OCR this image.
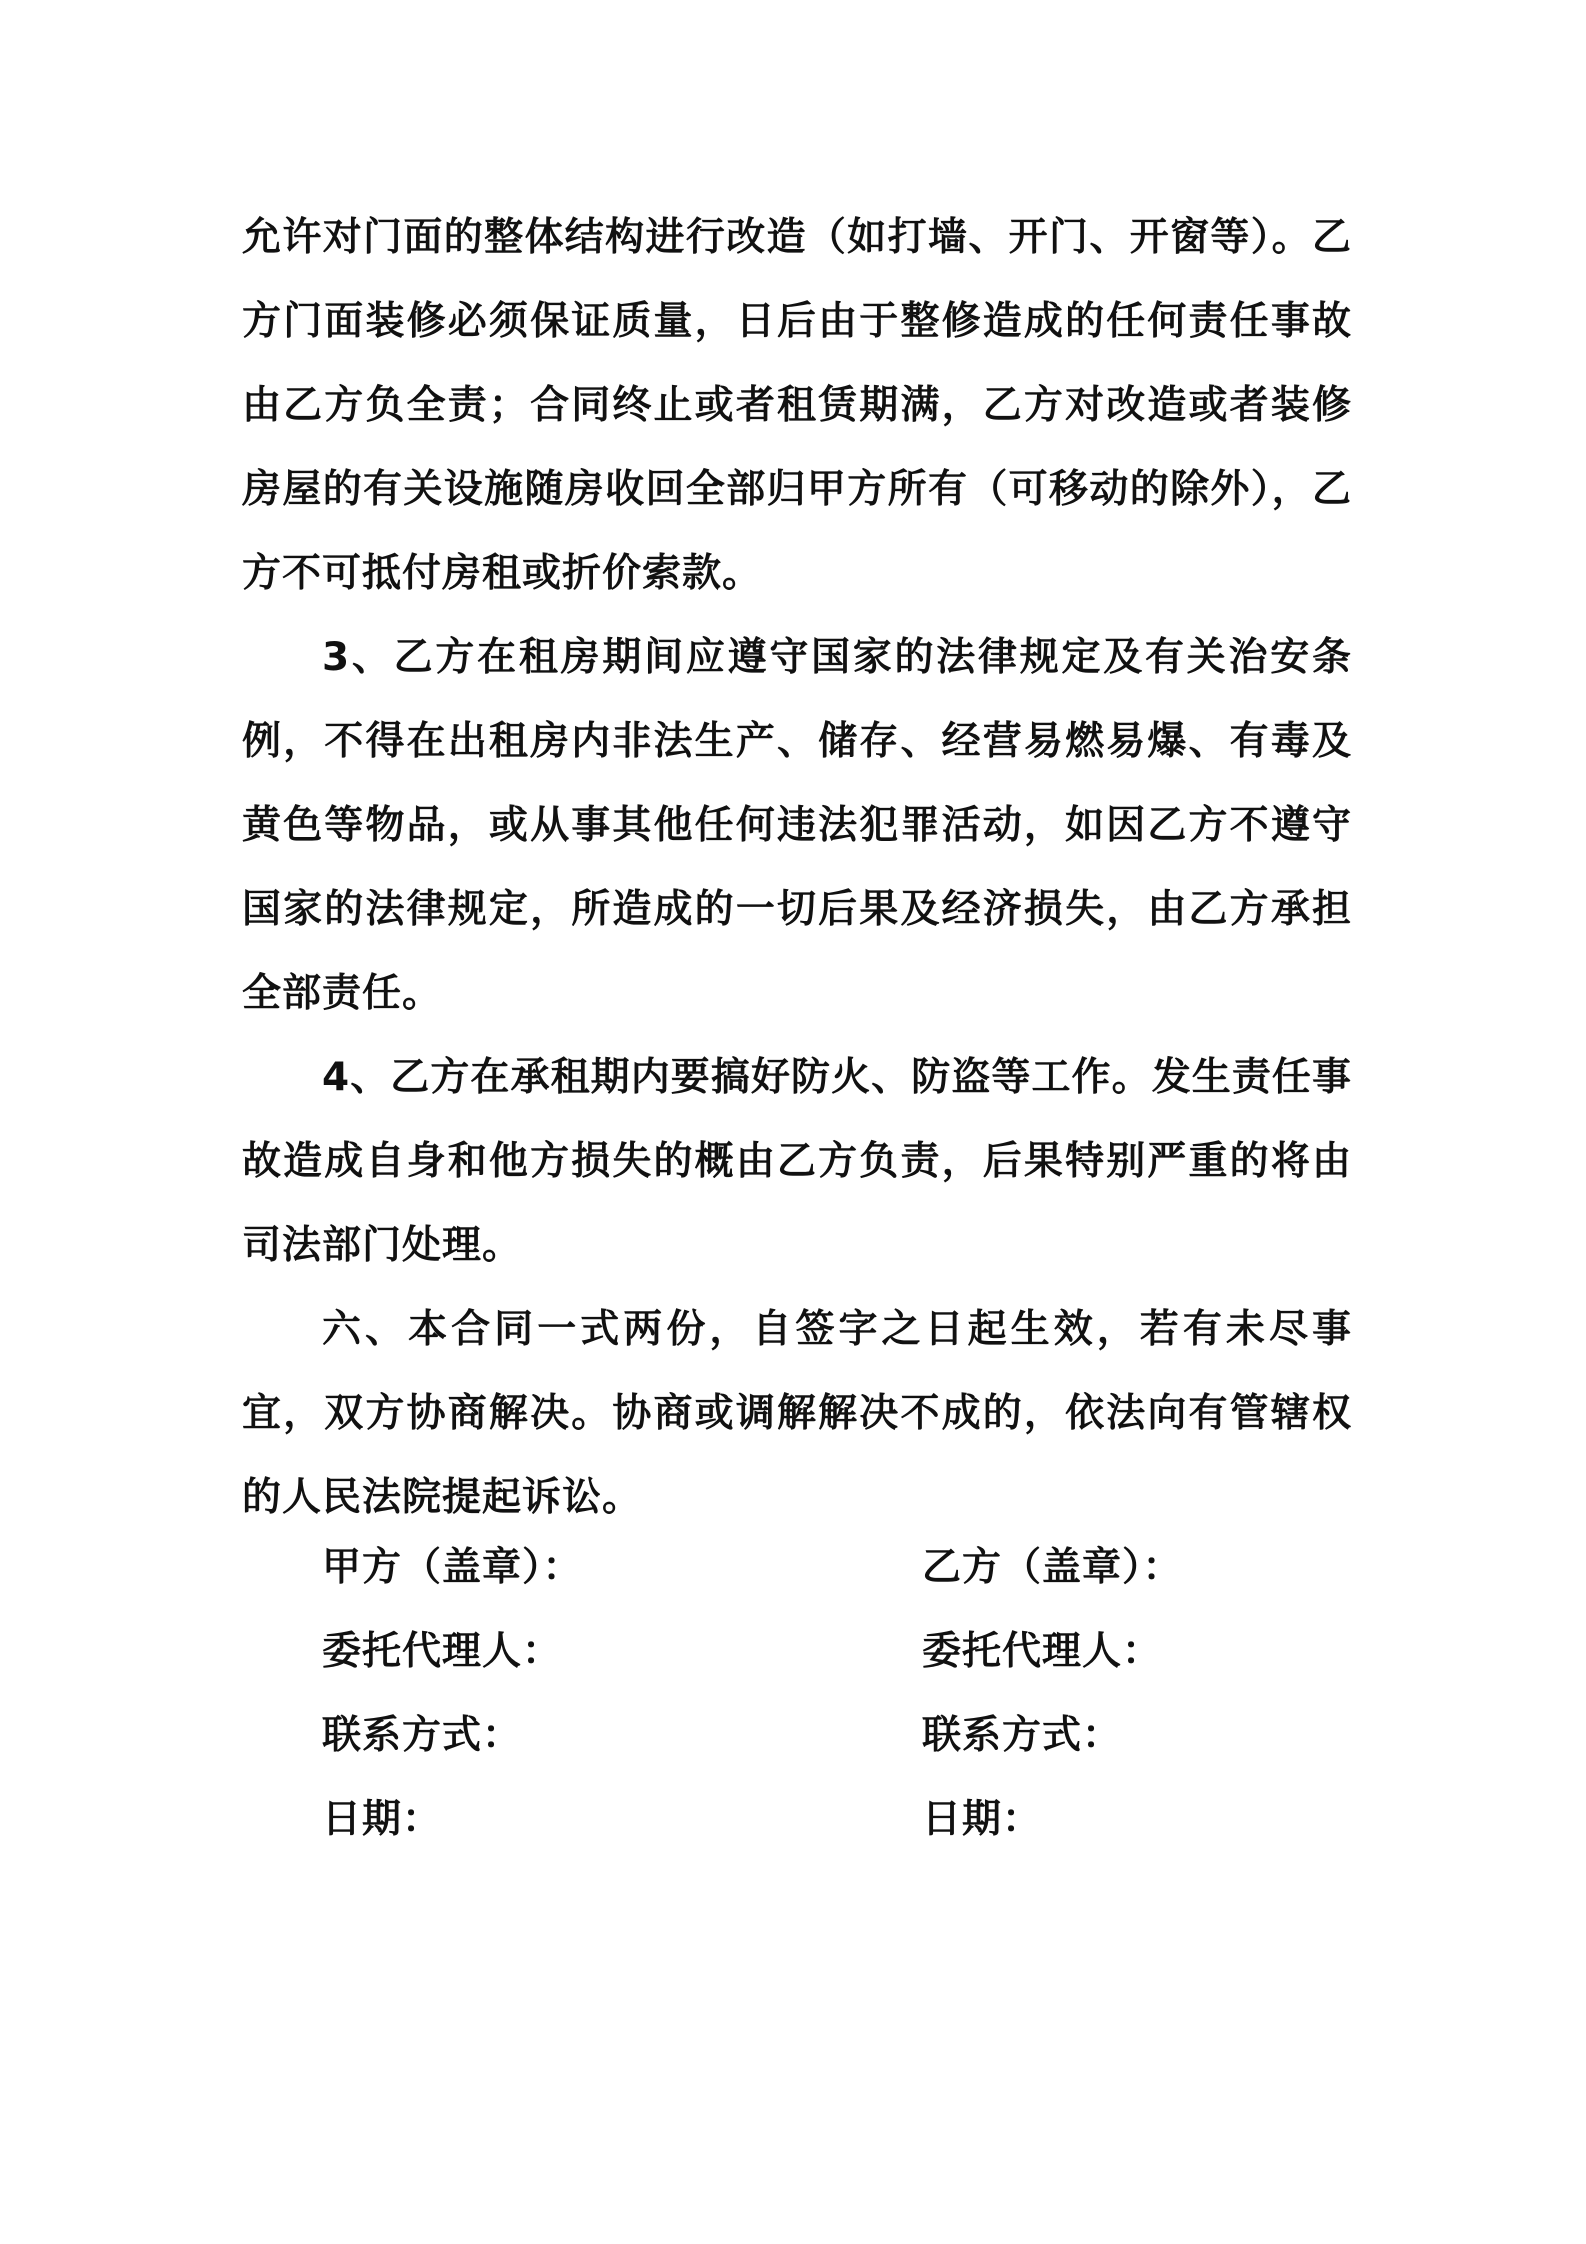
允许对门面的整体结构进行改造（如打墙、开门、开窗等）。乙方门面装修必须保证质量，日后由于整修造成的任何责任事故由乙方负全责；合同终止或者租赁期满，乙方对改造或者装修房屋的有关设施随房收回全部归甲方所有（可移动的除外），乙方不可抵付房租或折价索款。

3、乙方在租房期间应遵守国家的法律规定及有关治安条例，不得在出租房内非法生产、储存、经营易燃易爆、有毒及黄色等物品，或从事其他任何违法犯罪活动，如因乙方不遵守国家的法律规定，所造成的一切后果及经济损失，由乙方承担全部责任。

4、乙方在承租期内要搞好防火、防盗等工作。发生责任事故造成自身和他方损失的概由乙方负责，后果特别严重的将由司法部门处理。

六、本合同一式两份，自签字之日起生效，若有未尽事宜，双方协商解决。协商或调解解决不成的，依法向有管辖权的人民法院提起诉讼。

甲方（盖章）：
委托代理人：
联系方式：
日期：
乙方（盖章）：
委托代理人：
联系方式：
日期：
